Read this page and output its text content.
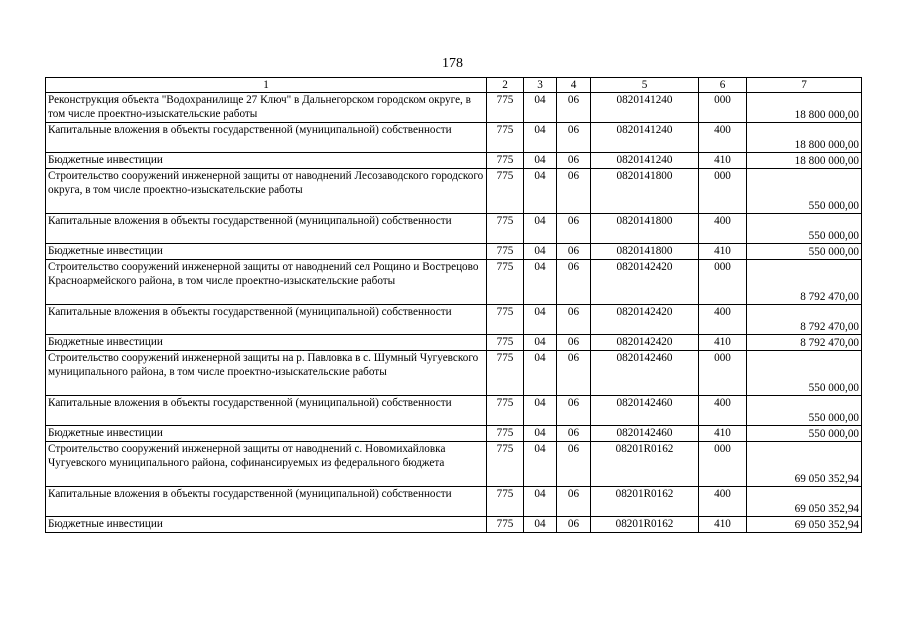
178
1	2	3	4	5	6	7
Реконструкция объекта "Водохранилище 27 Ключ" в Дальнегорском городском округе, в том числе проектно-изыскательские работы	775	04	06	0820141240	000	18 800 000,00
Капитальные вложения в объекты государственной (муниципальной) собственности	775	04	06	0820141240	400	18 800 000,00
Бюджетные инвестиции	775	04	06	0820141240	410	18 800 000,00
Строительство сооружений инженерной защиты от наводнений Лесозаводского городского округа, в том числе проектно-изыскательские работы	775	04	06	0820141800	000	550 000,00
Капитальные вложения в объекты государственной (муниципальной) собственности	775	04	06	0820141800	400	550 000,00
Бюджетные инвестиции	775	04	06	0820141800	410	550 000,00
Строительство сооружений инженерной защиты от наводнений сел Рощино и Вострецово Красноармейского района, в том числе проектно-изыскательские работы	775	04	06	0820142420	000	8 792 470,00
Капитальные вложения в объекты государственной (муниципальной) собственности	775	04	06	0820142420	400	8 792 470,00
Бюджетные инвестиции	775	04	06	0820142420	410	8 792 470,00
Строительство сооружений инженерной защиты на р. Павловка в с. Шумный Чугуевского муниципального района, в том числе проектно-изыскательские работы	775	04	06	0820142460	000	550 000,00
Капитальные вложения в объекты государственной (муниципальной) собственности	775	04	06	0820142460	400	550 000,00
Бюджетные инвестиции	775	04	06	0820142460	410	550 000,00
Строительство сооружений инженерной защиты от наводнений с. Новомихайловка Чугуевского муниципального района, софинансируемых из федерального бюджета	775	04	06	08201R0162	000	69 050 352,94
Капитальные вложения в объекты государственной (муниципальной) собственности	775	04	06	08201R0162	400	69 050 352,94
Бюджетные инвестиции	775	04	06	08201R0162	410	69 050 352,94
